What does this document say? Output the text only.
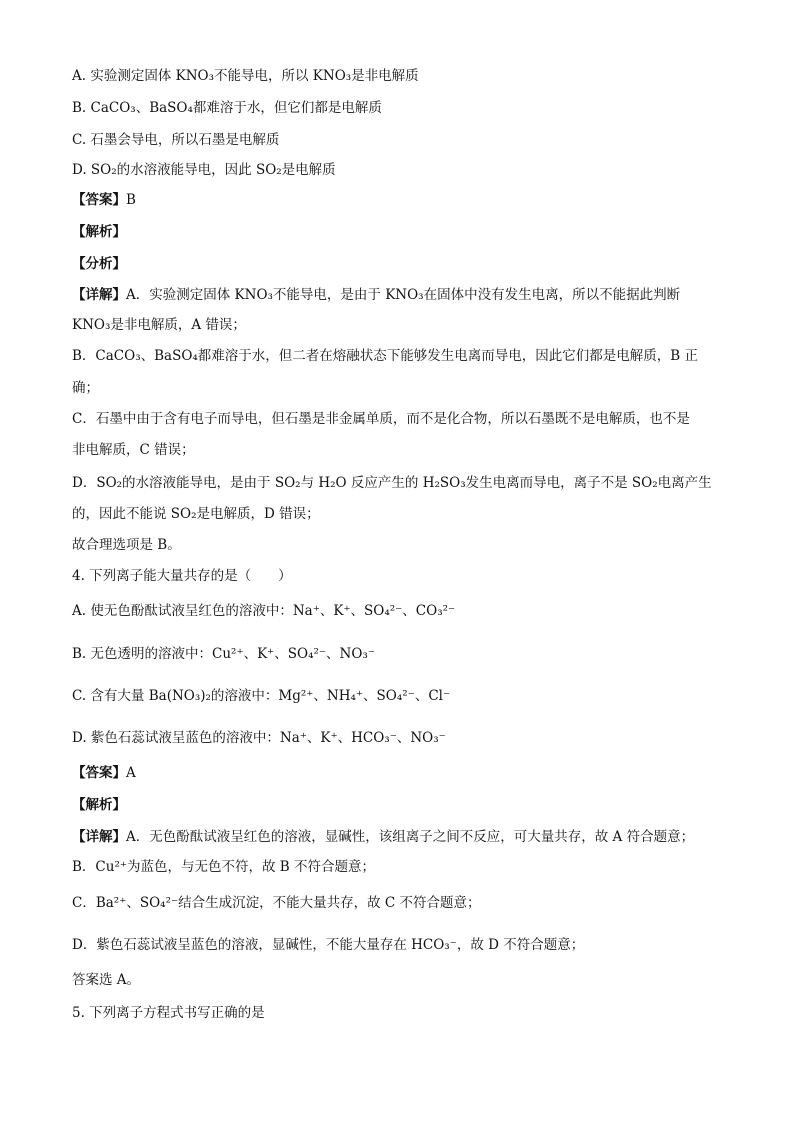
A. 实验测定固体 KNO₃不能导电，所以 KNO₃是非电解质
B. CaCO₃、BaSO₄都难溶于水，但它们都是电解质
C. 石墨会导电，所以石墨是电解质
D. SO₂的水溶液能导电，因此 SO₂是电解质
【答案】B
【解析】
【分析】
【详解】A．实验测定固体 KNO₃不能导电，是由于 KNO₃在固体中没有发生电离，所以不能据此判断
KNO₃是非电解质，A 错误；
B．CaCO₃、BaSO₄都难溶于水，但二者在熔融状态下能够发生电离而导电，因此它们都是电解质，B 正
确；
C．石墨中由于含有电子而导电，但石墨是非金属单质，而不是化合物，所以石墨既不是电解质，也不是
非电解质，C 错误；
D．SO₂的水溶液能导电，是由于 SO₂与 H₂O 反应产生的 H₂SO₃发生电离而导电，离子不是 SO₂电离产生
的，因此不能说 SO₂是电解质，D 错误；
故合理选项是 B。
4. 下列离子能大量共存的是（　　）
A. 使无色酚酞试液呈红色的溶液中：Na⁺、K⁺、SO₄²⁻、CO₃²⁻
B. 无色透明的溶液中：Cu²⁺、K⁺、SO₄²⁻、NO₃⁻
C. 含有大量 Ba(NO₃)₂的溶液中：Mg²⁺、NH₄⁺、SO₄²⁻、Cl⁻
D. 紫色石蕊试液呈蓝色的溶液中：Na⁺、K⁺、HCO₃⁻、NO₃⁻
【答案】A
【解析】
【详解】A．无色酚酞试液呈红色的溶液，显碱性，该组离子之间不反应，可大量共存，故 A 符合题意；
B．Cu²⁺为蓝色，与无色不符，故 B 不符合题意；
C．Ba²⁺、SO₄²⁻结合生成沉淀，不能大量共存，故 C 不符合题意；
D．紫色石蕊试液呈蓝色的溶液，显碱性，不能大量存在 HCO₃⁻，故 D 不符合题意；
答案选 A。
5. 下列离子方程式书写正确的是
